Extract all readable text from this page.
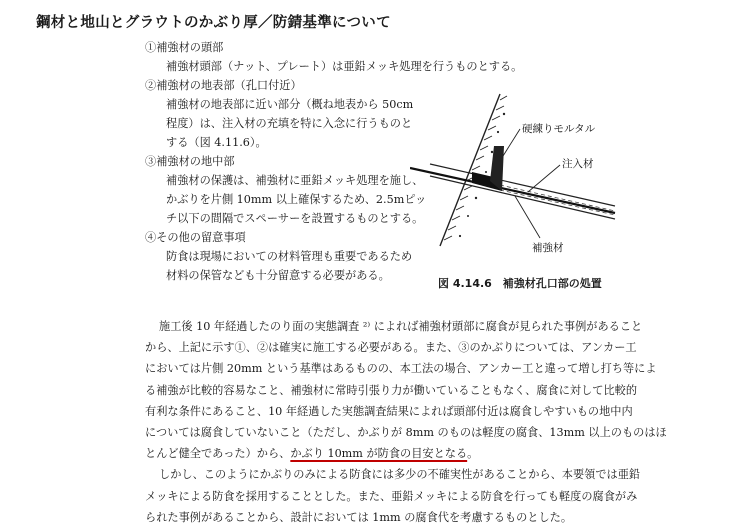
鋼材と地山とグラウトのかぶり厚／防錆基準について
①補強材の頭部
補強材頭部（ナット、プレート）は亜鉛メッキ処理を行うものとする。
②補強材の地表部（孔口付近）
補強材の地表部に近い部分（概ね地表から 50cm
程度）は、注入材の充填を特に入念に行うものと
する（図 4.11.6）。
③補強材の地中部
補強材の保護は、補強材に亜鉛メッキ処理を施し、
かぶりを片側 10mm 以上確保するため、2.5mピッ
チ以下の間隔でスペーサーを設置するものとする。
④その他の留意事項
防食は現場においての材料管理も重要であるため
材料の保管なども十分留意する必要がある。
硬練りモルタル
注入材
補強材
図 4.14.6　補強材孔口部の処置
施工後 10 年経過したのり面の実態調査 ²⁾ によれば補強材頭部に腐食が見られた事例があること
から、上記に示す①、②は確実に施工する必要がある。また、③のかぶりについては、アンカー工
においては片側 20mm という基準はあるものの、本工法の場合、アンカー工と違って増し打ち等によ
る補強が比較的容易なこと、補強材に常時引張り力が働いていることもなく、腐食に対して比較的
有利な条件にあること、10 年経過した実態調査結果によれば頭部付近は腐食しやすいもの地中内
については腐食していないこと（ただし、かぶりが 8mm のものは軽度の腐食、13mm 以上のものはほ
とんど健全であった）から、かぶり 10mm が防食の目安となる。
しかし、このようにかぶりのみによる防食には多少の不確実性があることから、本要領では亜鉛
メッキによる防食を採用することとした。また、亜鉛メッキによる防食を行っても軽度の腐食がみ
られた事例があることから、設計においては 1mm の腐食代を考慮するものとした。
